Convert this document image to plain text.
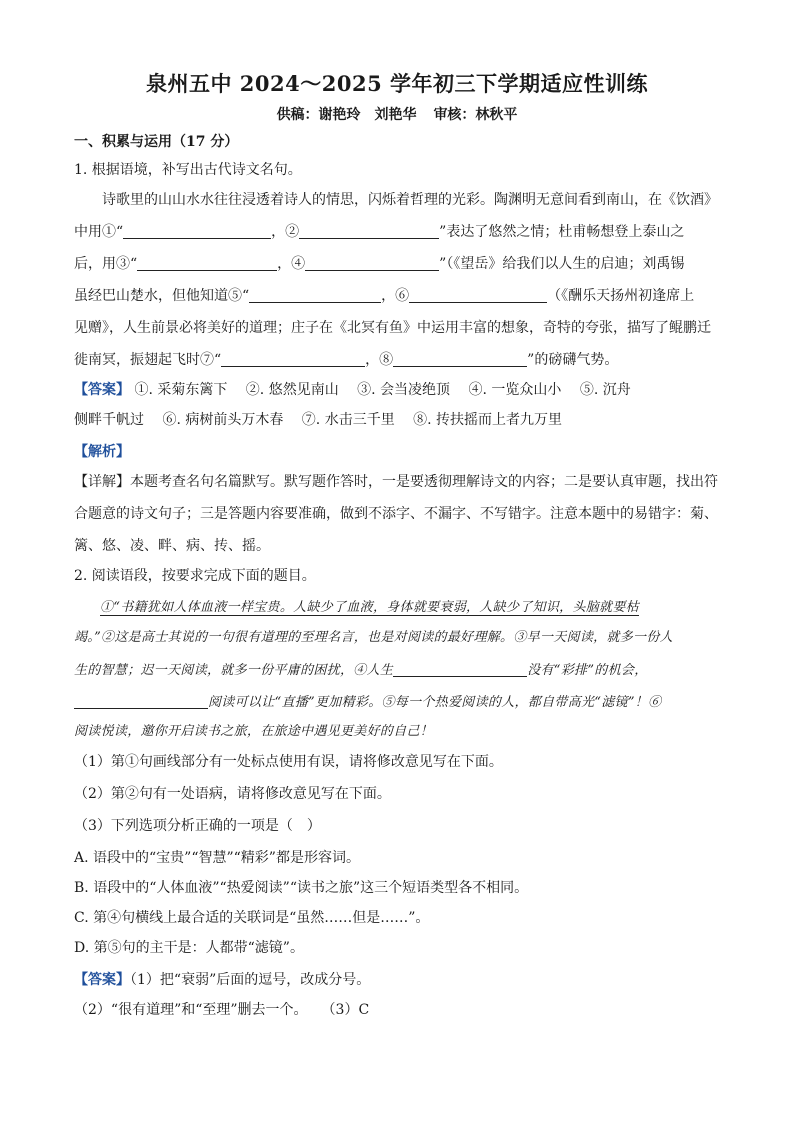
泉州五中 2024～2025 学年初三下学期适应性训练
供稿：谢艳玲　刘艳华 审核：林秋平
一、积累与运用（17 分）
1. 根据语境，补写出古代诗文名句。
诗歌里的山山水水往往浸透着诗人的情思，闪烁着哲理的光彩。陶渊明无意间看到南山，在《饮酒》
中用①“	，②	”表达了悠然之情；杜甫畅想登上泰山之
后，用③“	，④	”（《望岳》给我们以人生的启迪；刘禹锡
虽经巴山楚水，但他知道⑤“	，⑥	（《酬乐天扬州初逢席上
见赠》，人生前景必将美好的道理；庄子在《北冥有鱼》中运用丰富的想象，奇特的夸张，描写了鲲鹏迁
徙南冥，振翅起飞时⑦“	，⑧	”的磅礴气势。
【答案】 ①. 采菊东篱下　 ②. 悠然见南山　 ③. 会当凌绝顶　 ④. 一览众山小　 ⑤. 沉舟
侧畔千帆过　 ⑥. 病树前头万木春　 ⑦. 水击三千里　 ⑧. 抟扶摇而上者九万里
【解析】
【详解】本题考查名句名篇默写。默写题作答时，一是要透彻理解诗文的内容；二是要认真审题，找出符
合题意的诗文句子；三是答题内容要准确，做到不添字、不漏字、不写错字。注意本题中的易错字：菊、
篱、悠、凌、畔、病、抟、摇。
2. 阅读语段，按要求完成下面的题目。
①“书籍犹如人体血液一样宝贵。人缺少了血液，身体就要衰弱，人缺少了知识，头脑就要枯
竭。”②这是高士其说的一句很有道理的至理名言，也是对阅读的最好理解。③早一天阅读，就多一份人
生的智慧；迟一天阅读，就多一份平庸的困扰，④人生	没有“彩排”的机会，
阅读可以让“直播”更加精彩。⑤每一个热爱阅读的人，都自带高光“滤镜”！⑥
阅读悦读，邀你开启读书之旅，在旅途中遇见更美好的自己！
（1）第①句画线部分有一处标点使用有误，请将修改意见写在下面。
（2）第②句有一处语病，请将修改意见写在下面。
（3）下列选项分析正确的一项是（　）
A. 语段中的“宝贵”“智慧”“精彩”都是形容词。
B. 语段中的“人体血液”“热爱阅读”“读书之旅”这三个短语类型各不相同。
C. 第④句横线上最合适的关联词是“虽然……但是……”。
D. 第⑤句的主干是：人都带“滤镜”。
【答案】（1）把“衰弱”后面的逗号，改成分号。
（2）“很有道理”和“至理”删去一个。　　（3）C
